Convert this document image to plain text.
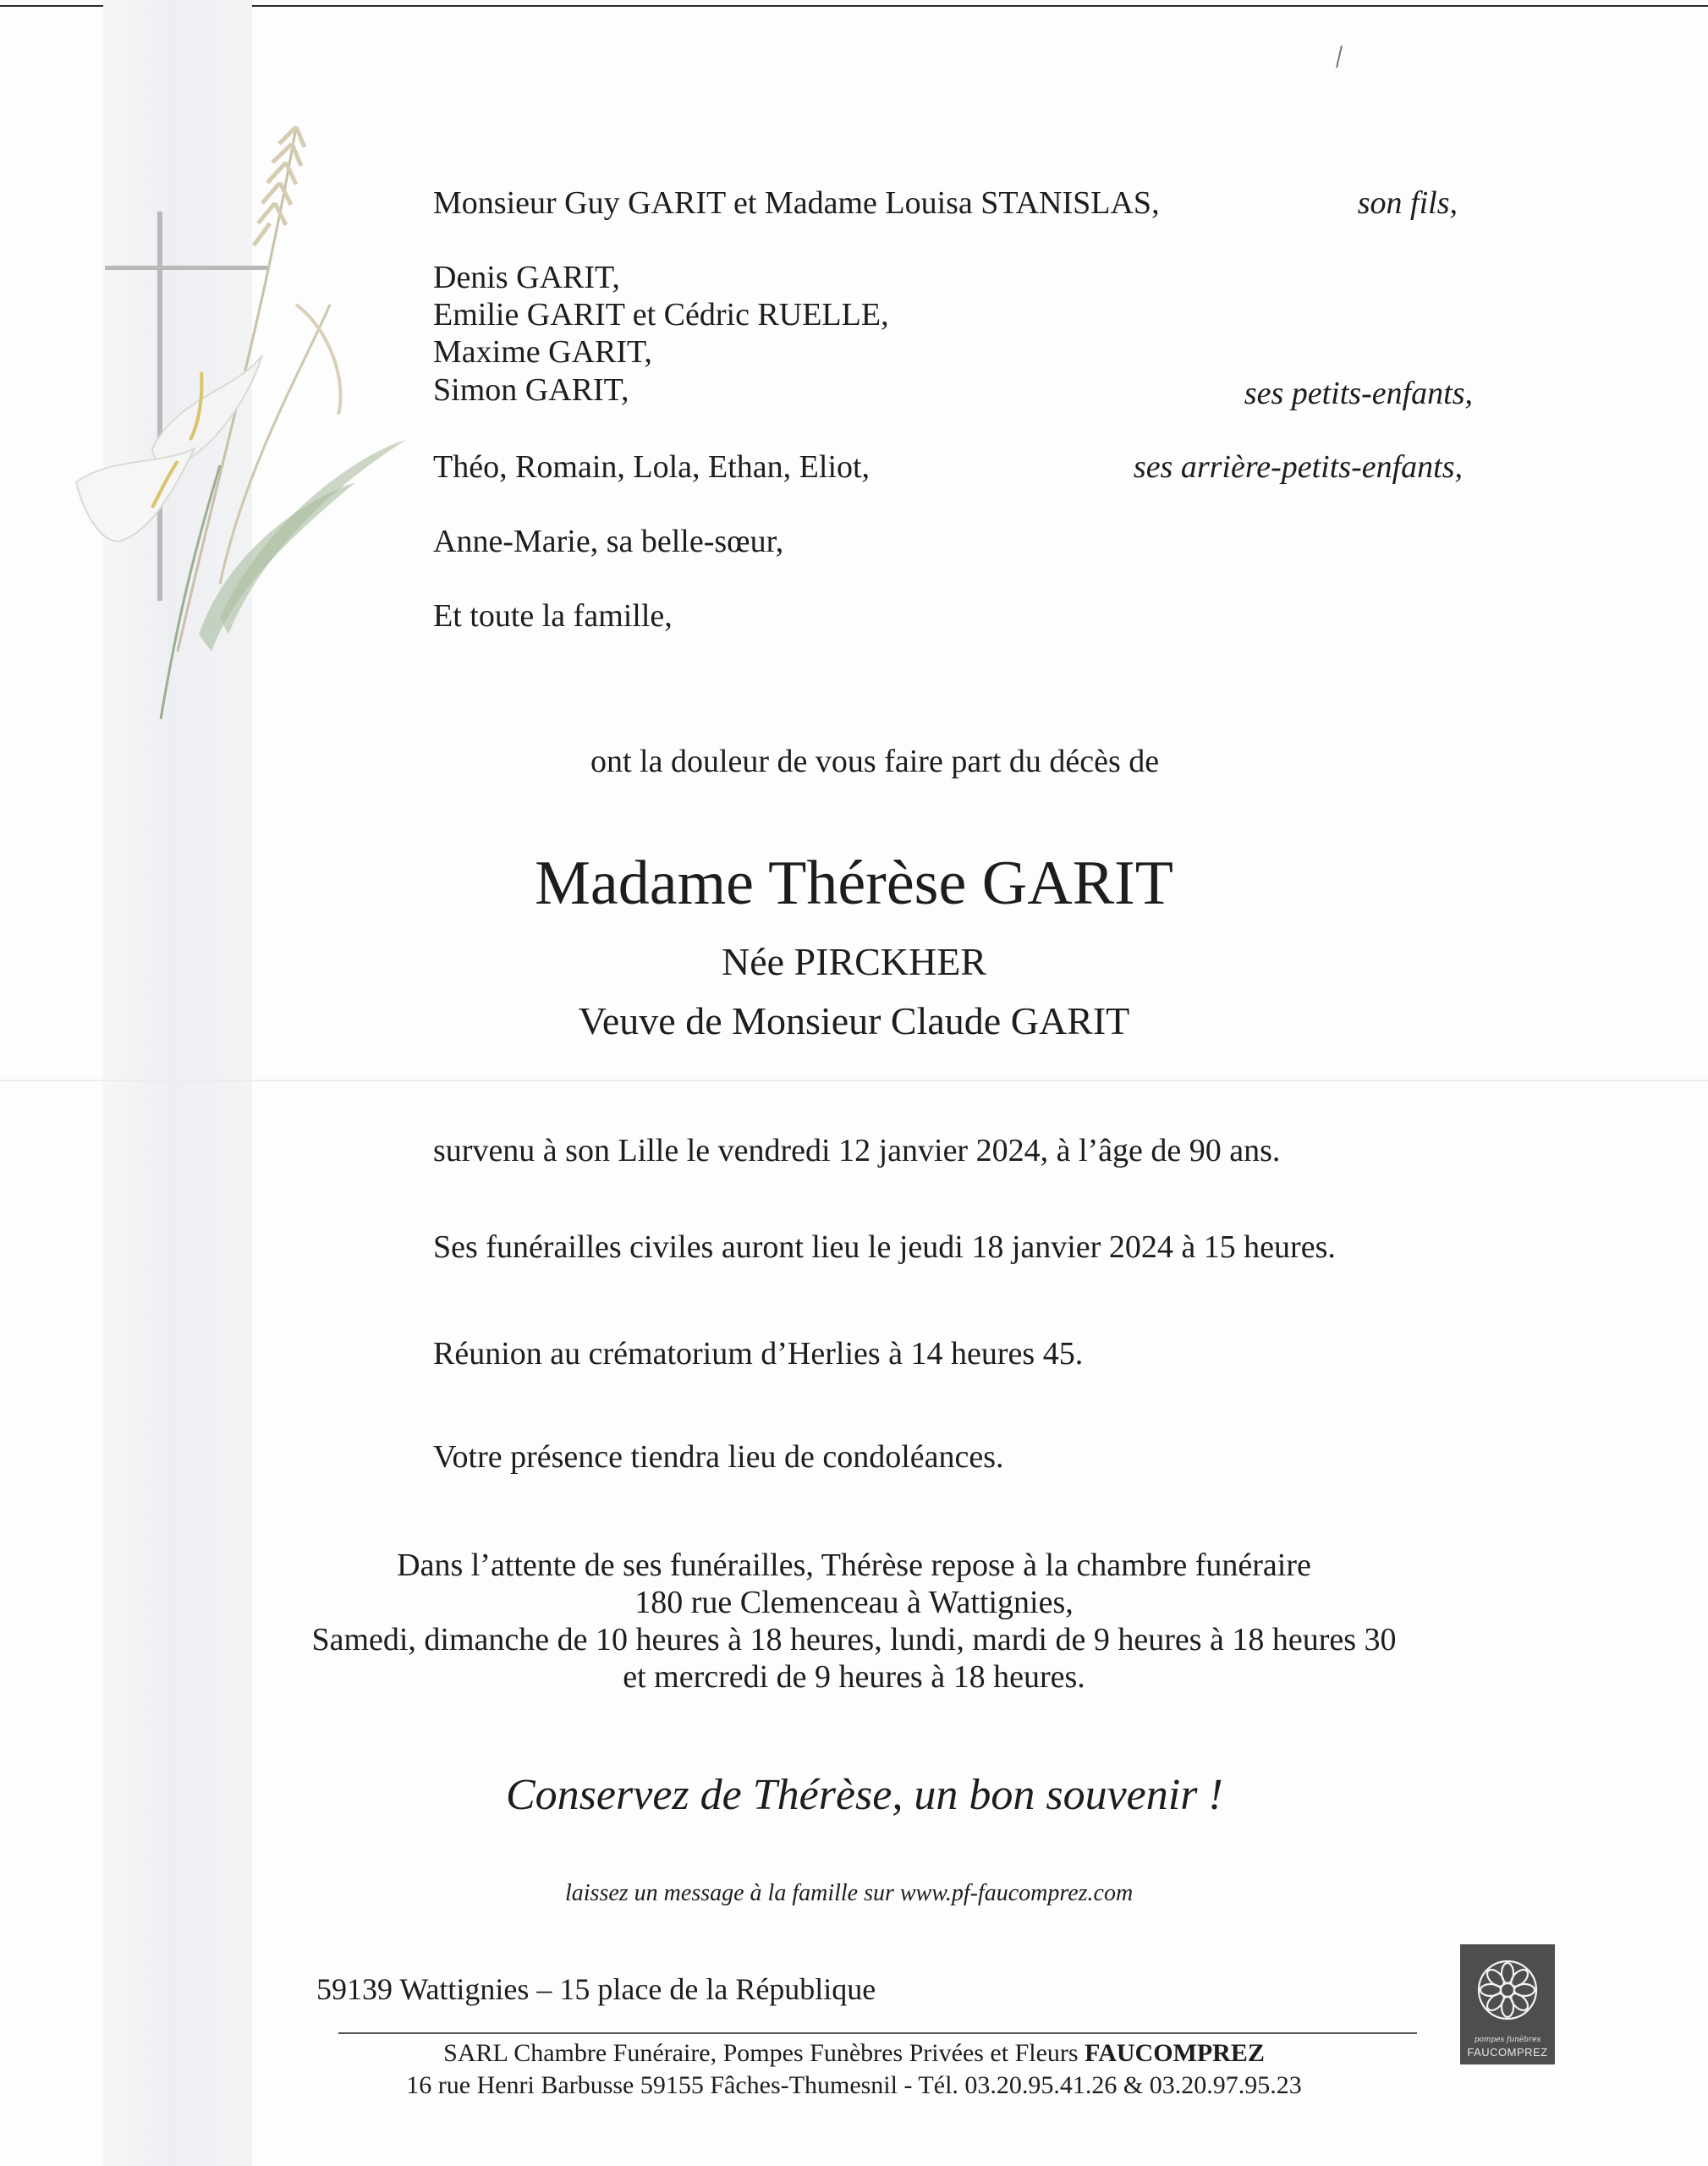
Monsieur Guy GARIT et Madame Louisa STANISLAS,	son fils,
Denis GARIT,
Emilie GARIT et Cédric RUELLE,
Maxime GARIT,
Simon GARIT,	ses petits-enfants,
Théo, Romain, Lola, Ethan, Eliot,	ses arrière-petits-enfants,
Anne-Marie, sa belle-sœur,
Et toute la famille,
ont la douleur de vous faire part du décès de
Madame Thérèse GARIT
Née PIRCKHER
Veuve de Monsieur Claude GARIT
survenu à son Lille le vendredi 12 janvier 2024, à l’âge de 90 ans.
Ses funérailles civiles auront lieu le jeudi 18 janvier 2024 à 15 heures.
Réunion au crématorium d’Herlies à 14 heures 45.
Votre présence tiendra lieu de condoléances.
Dans l’attente de ses funérailles, Thérèse repose à la chambre funéraire
180 rue Clemenceau à Wattignies,
Samedi, dimanche de 10 heures à 18 heures, lundi, mardi de 9 heures à 18 heures 30
et mercredi de 9 heures à 18 heures.
Conservez de Thérèse, un bon souvenir !
laissez un message à la famille sur www.pf-faucomprez.com
59139 Wattignies – 15 place de la République
SARL Chambre Funéraire, Pompes Funèbres Privées et Fleurs FAUCOMPREZ
16 rue Henri Barbusse 59155 Fâches-Thumesnil - Tél. 03.20.95.41.26 & 03.20.97.95.23
pompes funèbres
FAUCOMPREZ
